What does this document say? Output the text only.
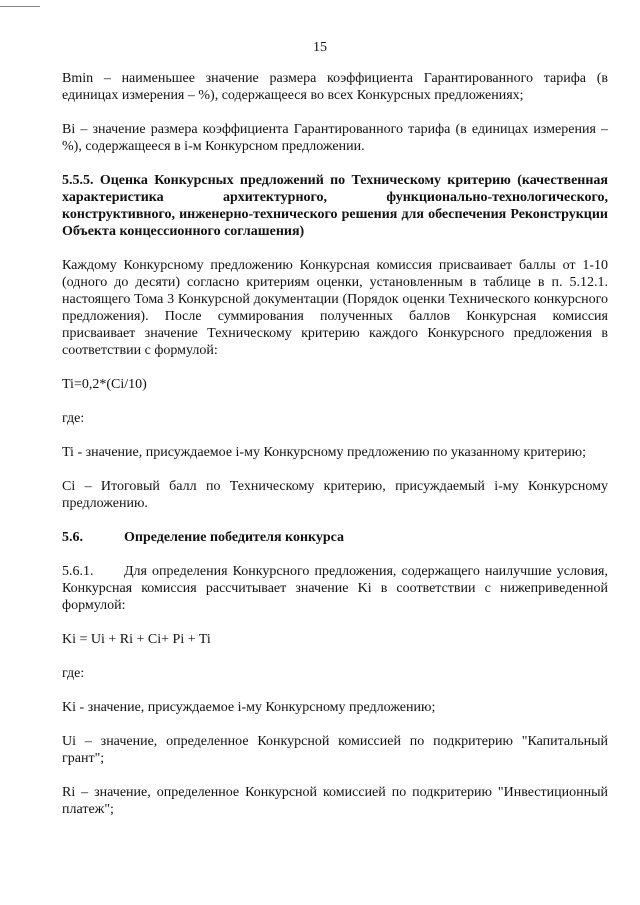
15

Bmin – наименьшее значение размера коэффициента Гарантированного тарифа (в единицах измерения – %), содержащееся во всех Конкурсных предложениях;

Bi – значение размера коэффициента Гарантированного тарифа (в единицах измерения – %), содержащееся в i-м Конкурсном предложении.

5.5.5. Оценка Конкурсных предложений по Техническому критерию (качественная характеристика архитектурного, функционально-технологического, конструктивного, инженерно-технического решения для обеспечения Реконструкции Объекта концессионного соглашения)

Каждому Конкурсному предложению Конкурсная комиссия присваивает баллы от 1-10 (одного до десяти) согласно критериям оценки, установленным в таблице в п. 5.12.1. настоящего Тома 3 Конкурсной документации (Порядок оценки Технического конкурсного предложения). После суммирования полученных баллов Конкурсная комиссия присваивает значение Техническому критерию каждого Конкурсного предложения в соответствии с формулой:

Ti=0,2*(Ci/10)

где:

Ti - значение, присуждаемое i-му Конкурсному предложению по указанному критерию;

Ci – Итоговый балл по Техническому критерию, присуждаемый i-му Конкурсному предложению.

5.6.	Определение победителя конкурса

5.6.1. Для определения Конкурсного предложения, содержащего наилучшие условия, Конкурсная комиссия рассчитывает значение Ki в соответствии с нижеприведенной формулой:

Ki = Ui + Ri + Ci+ Pi + Ti

где:

Ki - значение, присуждаемое i-му Конкурсному предложению;

Ui – значение, определенное Конкурсной комиссией по подкритерию "Капитальный грант";

Ri – значение, определенное Конкурсной комиссией по подкритерию "Инвестиционный платеж";
